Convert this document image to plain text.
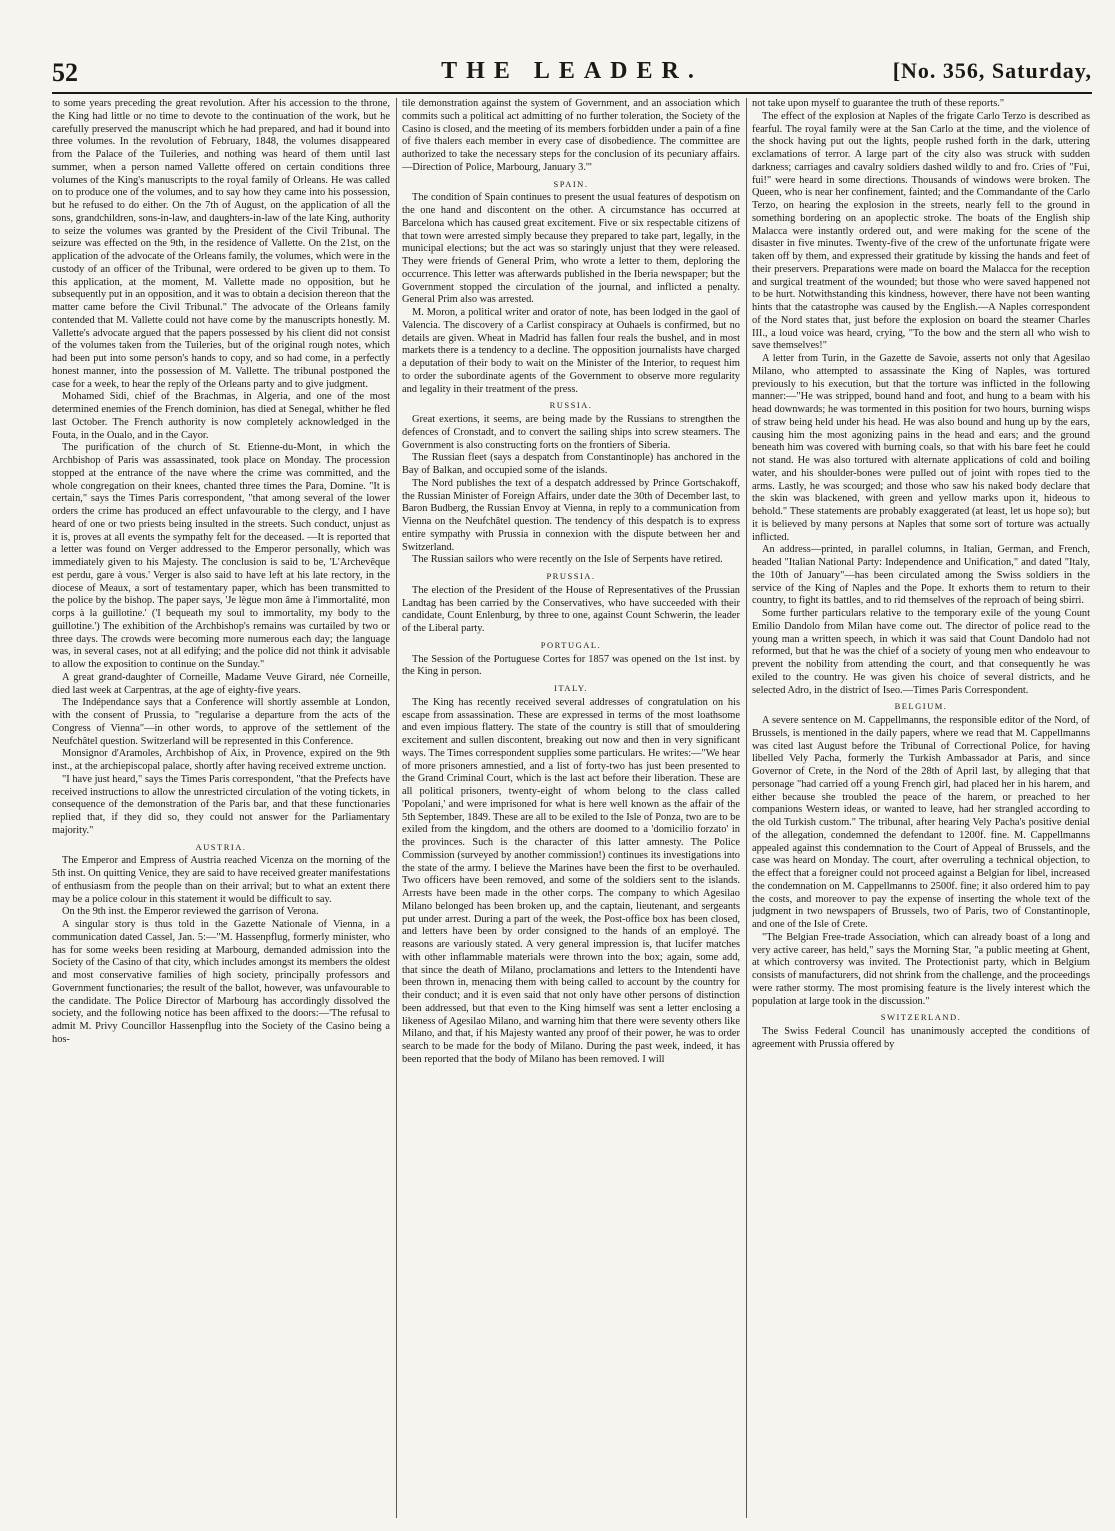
52	THE LEADER.	[No. 356, Saturday,

to some years preceding the great revolution. After his accession to the throne, the King had little or no time to devote to the continuation of the work, but he carefully preserved the manuscript which he had prepared, and had it bound into three volumes. In the revolution of February, 1848, the volumes disappeared from the Palace of the Tuileries, and nothing was heard of them until last summer, when a person named Vallette offered on certain conditions three volumes of the King's manuscripts to the royal family of Orleans. He was called on to produce one of the volumes, and to say how they came into his possession, but he refused to do either. On the 7th of August, on the application of all the sons, grandchildren, sons-in-law, and daughters-in-law of the late King, authority to seize the volumes was granted by the President of the Civil Tribunal. The seizure was effected on the 9th, in the residence of Vallette. On the 21st, on the application of the advocate of the Orleans family, the volumes, which were in the custody of an officer of the Tribunal, were ordered to be given up to them. To this application, at the moment, M. Vallette made no opposition, but he subsequently put in an opposition, and it was to obtain a decision thereon that the matter came before the Civil Tribunal." The advocate of the Orleans family contended that M. Vallette could not have come by the manuscripts honestly. M. Vallette's advocate argued that the papers possessed by his client did not consist of the volumes taken from the Tuileries, but of the original rough notes, which had been put into some person's hands to copy, and so had come, in a perfectly honest manner, into the possession of M. Vallette. The tribunal postponed the case for a week, to hear the reply of the Orleans party and to give judgment.

Mohamed Sidi, chief of the Brachmas, in Algeria, and one of the most determined enemies of the French dominion, has died at Senegal, whither he fled last October. The French authority is now completely acknowledged in the Fouta, in the Oualo, and in the Cayor.

The purification of the church of St. Etienne-du-Mont, in which the Archbishop of Paris was assassinated, took place on Monday. The procession stopped at the entrance of the nave where the crime was committed, and the whole congregation on their knees, chanted three times the Para, Domine. "It is certain," says the Times Paris correspondent, "that among several of the lower orders the crime has produced an effect unfavourable to the clergy, and I have heard of one or two priests being insulted in the streets. Such conduct, unjust as it is, proves at all events the sympathy felt for the deceased. —It is reported that a letter was found on Verger addressed to the Emperor personally, which was immediately given to his Majesty. The conclusion is said to be, 'L'Archevêque est perdu, gare à vous.' Verger is also said to have left at his late rectory, in the diocese of Meaux, a sort of testamentary paper, which has been transmitted to the police by the bishop. The paper says, 'Je lègue mon âme à l'immortalité, mon corps à la guillotine.' ('I bequeath my soul to immortality, my body to the guillotine.') The exhibition of the Archbishop's remains was curtailed by two or three days. The crowds were becoming more numerous each day; the language was, in several cases, not at all edifying; and the police did not think it advisable to allow the exposition to continue on the Sunday."

A great grand-daughter of Corneille, Madame Veuve Girard, née Corneille, died last week at Carpentras, at the age of eighty-five years.

The Indépendance says that a Conference will shortly assemble at London, with the consent of Prussia, to "regularise a departure from the acts of the Congress of Vienna"—in other words, to approve of the settlement of the Neufchâtel question. Switzerland will be represented in this Conference.

Monsignor d'Aramoles, Archbishop of Aix, in Provence, expired on the 9th inst., at the archiepiscopal palace, shortly after having received extreme unction.

"I have just heard," says the Times Paris correspondent, "that the Prefects have received instructions to allow the unrestricted circulation of the voting tickets, in consequence of the demonstration of the Paris bar, and that these functionaries replied that, if they did so, they could not answer for the Parliamentary majority."

AUSTRIA.

The Emperor and Empress of Austria reached Vicenza on the morning of the 5th inst. On quitting Venice, they are said to have received greater manifestations of enthusiasm from the people than on their arrival; but to what an extent there may be a police colour in this statement it would be difficult to say.

On the 9th inst. the Emperor reviewed the garrison of Verona.

A singular story is thus told in the Gazette Nationale of Vienna, in a communication dated Cassel, Jan. 5:—"M. Hassenpflug, formerly minister, who has for some weeks been residing at Marbourg, demanded admission into the Society of the Casino of that city, which includes amongst its members the oldest and most conservative families of high society, principally professors and Government functionaries; the result of the ballot, however, was unfavourable to the candidate. The Police Director of Marbourg has accordingly dissolved the society, and the following notice has been affixed to the doors:—'The refusal to admit M. Privy Councillor Hassenpflug into the Society of the Casino being a hos-

tile demonstration against the system of Government, and an association which commits such a political act admitting of no further toleration, the Society of the Casino is closed, and the meeting of its members forbidden under a pain of a fine of five thalers each member in every case of disobedience. The committee are authorized to take the necessary steps for the conclusion of its pecuniary affairs.—Direction of Police, Marbourg, January 3.'"

SPAIN.

The condition of Spain continues to present the usual features of despotism on the one hand and discontent on the other. A circumstance has occurred at Barcelona which has caused great excitement. Five or six respectable citizens of that town were arrested simply because they prepared to take part, legally, in the municipal elections; but the act was so staringly unjust that they were released. They were friends of General Prim, who wrote a letter to them, deploring the occurrence. This letter was afterwards published in the Iberia newspaper; but the Government stopped the circulation of the journal, and inflicted a penalty. General Prim also was arrested.

M. Moron, a political writer and orator of note, has been lodged in the gaol of Valencia. The discovery of a Carlist conspiracy at Ouhaels is confirmed, but no details are given. Wheat in Madrid has fallen four reals the bushel, and in most markets there is a tendency to a decline. The opposition journalists have charged a deputation of their body to wait on the Minister of the Interior, to request him to order the subordinate agents of the Government to observe more regularity and legality in their treatment of the press.

RUSSIA.

Great exertions, it seems, are being made by the Russians to strengthen the defences of Cronstadt, and to convert the sailing ships into screw steamers. The Government is also constructing forts on the frontiers of Siberia.

The Russian fleet (says a despatch from Constantinople) has anchored in the Bay of Balkan, and occupied some of the islands.

The Nord publishes the text of a despatch addressed by Prince Gortschakoff, the Russian Minister of Foreign Affairs, under date the 30th of December last, to Baron Budberg, the Russian Envoy at Vienna, in reply to a communication from Vienna on the Neufchâtel question. The tendency of this despatch is to express entire sympathy with Prussia in connexion with the dispute between her and Switzerland.

The Russian sailors who were recently on the Isle of Serpents have retired.

PRUSSIA.

The election of the President of the House of Representatives of the Prussian Landtag has been carried by the Conservatives, who have succeeded with their candidate, Count Enlenburg, by three to one, against Count Schwerin, the leader of the Liberal party.

PORTUGAL.

The Session of the Portuguese Cortes for 1857 was opened on the 1st inst. by the King in person.

ITALY.

The King has recently received several addresses of congratulation on his escape from assassination. These are expressed in terms of the most loathsome and even impious flattery. The state of the country is still that of smouldering excitement and sullen discontent, breaking out now and then in very significant ways. The Times correspondent supplies some particulars. He writes:—"We hear of more prisoners amnestied, and a list of forty-two has just been presented to the Grand Criminal Court, which is the last act before their liberation. These are all political prisoners, twenty-eight of whom belong to the class called 'Popolani,' and were imprisoned for what is here well known as the affair of the 5th September, 1849. These are all to be exiled to the Isle of Ponza, two are to be exiled from the kingdom, and the others are doomed to a 'domicilio forzato' in the provinces. Such is the character of this latter amnesty. The Police Commission (surveyed by another commission!) continues its investigations into the state of the army. I believe the Marines have been the first to be overhauled. Two officers have been removed, and some of the soldiers sent to the islands. Arrests have been made in the other corps. The company to which Agesilao Milano belonged has been broken up, and the captain, lieutenant, and sergeants put under arrest. During a part of the week, the Post-office box has been closed, and letters have been by order consigned to the hands of an employé. The reasons are variously stated. A very general impression is, that lucifer matches with other inflammable materials were thrown into the box; again, some add, that since the death of Milano, proclamations and letters to the Intendenti have been thrown in, menacing them with being called to account by the country for their conduct; and it is even said that not only have other persons of distinction been addressed, but that even to the King himself was sent a letter enclosing a likeness of Agesilao Milano, and warning him that there were seventy others like Milano, and that, if his Majesty wanted any proof of their power, he was to order search to be made for the body of Milano. During the past week, indeed, it has been reported that the body of Milano has been removed. I will

not take upon myself to guarantee the truth of these reports."

The effect of the explosion at Naples of the frigate Carlo Terzo is described as fearful. The royal family were at the San Carlo at the time, and the violence of the shock having put out the lights, people rushed forth in the dark, uttering exclamations of terror. A large part of the city also was struck with sudden darkness; carriages and cavalry soldiers dashed wildly to and fro. Cries of "Fui, fui!" were heard in some directions. Thousands of windows were broken. The Queen, who is near her confinement, fainted; and the Commandante of the Carlo Terzo, on hearing the explosion in the streets, nearly fell to the ground in something bordering on an apoplectic stroke. The boats of the English ship Malacca were instantly ordered out, and were making for the scene of the disaster in five minutes. Twenty-five of the crew of the unfortunate frigate were taken off by them, and expressed their gratitude by kissing the hands and feet of their preservers. Preparations were made on board the Malacca for the reception and surgical treatment of the wounded; but those who were saved happened not to be hurt. Notwithstanding this kindness, however, there have not been wanting hints that the catastrophe was caused by the English.—A Naples correspondent of the Nord states that, just before the explosion on board the steamer Charles III., a loud voice was heard, crying, "To the bow and the stern all who wish to save themselves!"

A letter from Turin, in the Gazette de Savoie, asserts not only that Agesilao Milano, who attempted to assassinate the King of Naples, was tortured previously to his execution, but that the torture was inflicted in the following manner:—"He was stripped, bound hand and foot, and hung to a beam with his head downwards; he was tormented in this position for two hours, burning wisps of straw being held under his head. He was also bound and hung up by the ears, causing him the most agonizing pains in the head and ears; and the ground beneath him was covered with burning coals, so that with his bare feet he could not stand. He was also tortured with alternate applications of cold and boiling water, and his shoulder-bones were pulled out of joint with ropes tied to the arms. Lastly, he was scourged; and those who saw his naked body declare that the skin was blackened, with green and yellow marks upon it, hideous to behold." These statements are probably exaggerated (at least, let us hope so); but it is believed by many persons at Naples that some sort of torture was actually inflicted.

An address—printed, in parallel columns, in Italian, German, and French, headed "Italian National Party: Independence and Unification," and dated "Italy, the 10th of January"—has been circulated among the Swiss soldiers in the service of the King of Naples and the Pope. It exhorts them to return to their country, to fight its battles, and to rid themselves of the reproach of being sbirri.

Some further particulars relative to the temporary exile of the young Count Emilio Dandolo from Milan have come out. The director of police read to the young man a written speech, in which it was said that Count Dandolo had not reformed, but that he was the chief of a society of young men who endeavour to prevent the nobility from attending the court, and that consequently he was exiled to the country. He was given his choice of several districts, and he selected Adro, in the district of Iseo.—Times Paris Correspondent.

BELGIUM.

A severe sentence on M. Cappellmanns, the responsible editor of the Nord, of Brussels, is mentioned in the daily papers, where we read that M. Cappellmanns was cited last August before the Tribunal of Correctional Police, for having libelled Vely Pacha, formerly the Turkish Ambassador at Paris, and since Governor of Crete, in the Nord of the 28th of April last, by alleging that that personage "had carried off a young French girl, had placed her in his harem, and either because she troubled the peace of the harem, or preached to her companions Western ideas, or wanted to leave, had her strangled according to the old Turkish custom." The tribunal, after hearing Vely Pacha's positive denial of the allegation, condemned the defendant to 1200f. fine. M. Cappellmanns appealed against this condemnation to the Court of Appeal of Brussels, and the case was heard on Monday. The court, after overruling a technical objection, to the effect that a foreigner could not proceed against a Belgian for libel, increased the condemnation on M. Cappellmanns to 2500f. fine; it also ordered him to pay the costs, and moreover to pay the expense of inserting the whole text of the judgment in two newspapers of Brussels, two of Paris, two of Constantinople, and one of the Isle of Crete.

"The Belgian Free-trade Association, which can already boast of a long and very active career, has held," says the Morning Star, "a public meeting at Ghent, at which controversy was invited. The Protectionist party, which in Belgium consists of manufacturers, did not shrink from the challenge, and the proceedings were rather stormy. The most promising feature is the lively interest which the population at large took in the discussion."

SWITZERLAND.

The Swiss Federal Council has unanimously accepted the conditions of agreement with Prussia offered by
